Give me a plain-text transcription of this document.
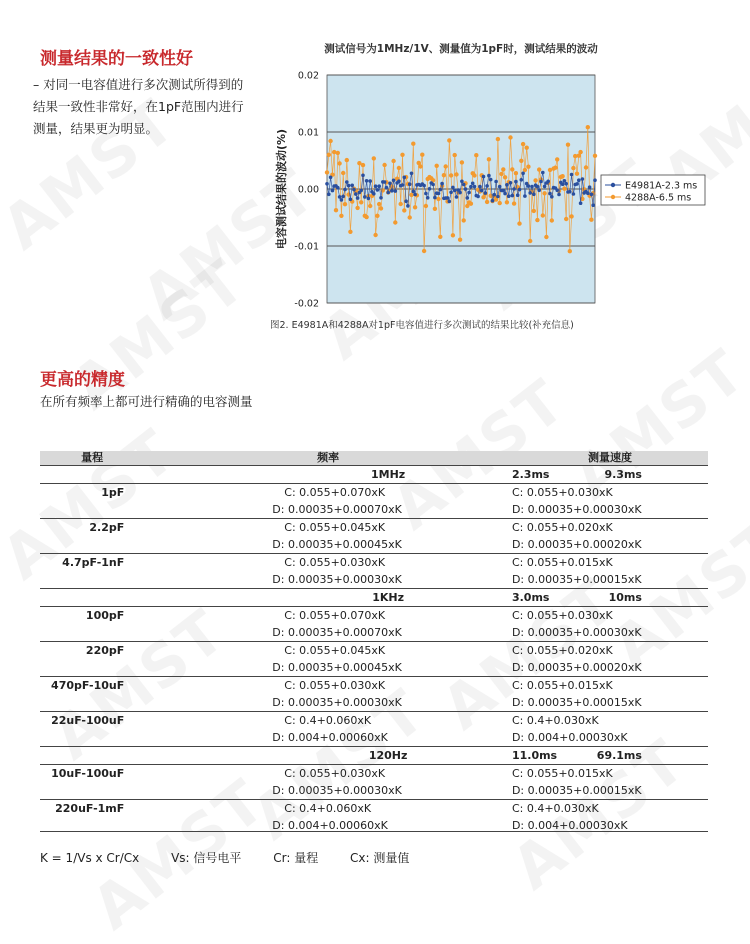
测量结果的一致性好
– 对同一电容值进行多次测试所得到的结果一致性非常好，在1pF范围内进行测量，结果更为明显。
测试信号为1MHz/1V、测量值为1pF时，测试结果的波动
0.02
0.01
0.00
-0.01
-0.02
电容测试结果的波动(%)	E4981A-2.3 ms
4288A-6.5 ms
图2. E4981A和4288A对1pF电容值进行多次测试的结果比较(补充信息)
更高的精度
在所有频率上都可进行精确的电容测量
量程	频率	测量速度
	1MHz	2.3ms 9.3ms

1pF	C: 0.055+0.070xK	C: 0.055+0.030xK
	D: 0.00035+0.00070xK	D: 0.00035+0.00030xK
2.2pF	C: 0.055+0.045xK	C: 0.055+0.020xK
	D: 0.00035+0.00045xK	D: 0.00035+0.00020xK
4.7pF-1nF	C: 0.055+0.030xK	C: 0.055+0.015xK
	D: 0.00035+0.00030xK	D: 0.00035+0.00015xK
	1KHz	3.0ms 10ms

100pF	C: 0.055+0.070xK	C: 0.055+0.030xK
	D: 0.00035+0.00070xK	D: 0.00035+0.00030xK
220pF	C: 0.055+0.045xK	C: 0.055+0.020xK
	D: 0.00035+0.00045xK	D: 0.00035+0.00020xK
470pF-10uF	C: 0.055+0.030xK	C: 0.055+0.015xK
	D: 0.00035+0.00030xK	D: 0.00035+0.00015xK
22uF-100uF	C: 0.4+0.060xK	C: 0.4+0.030xK
	D: 0.004+0.00060xK	D: 0.004+0.00030xK
	120Hz	11.0ms 69.1ms

10uF-100uF	C: 0.055+0.030xK	C: 0.055+0.015xK
	D: 0.00035+0.00030xK	D: 0.00035+0.00015xK
220uF-1mF	C: 0.4+0.060xK	C: 0.4+0.030xK
	D: 0.004+0.00060xK	D: 0.004+0.00030xK
K = 1/Vs x Cr/Cx	Vs: 信号电平	Cr: 量程	Cx: 测量值
